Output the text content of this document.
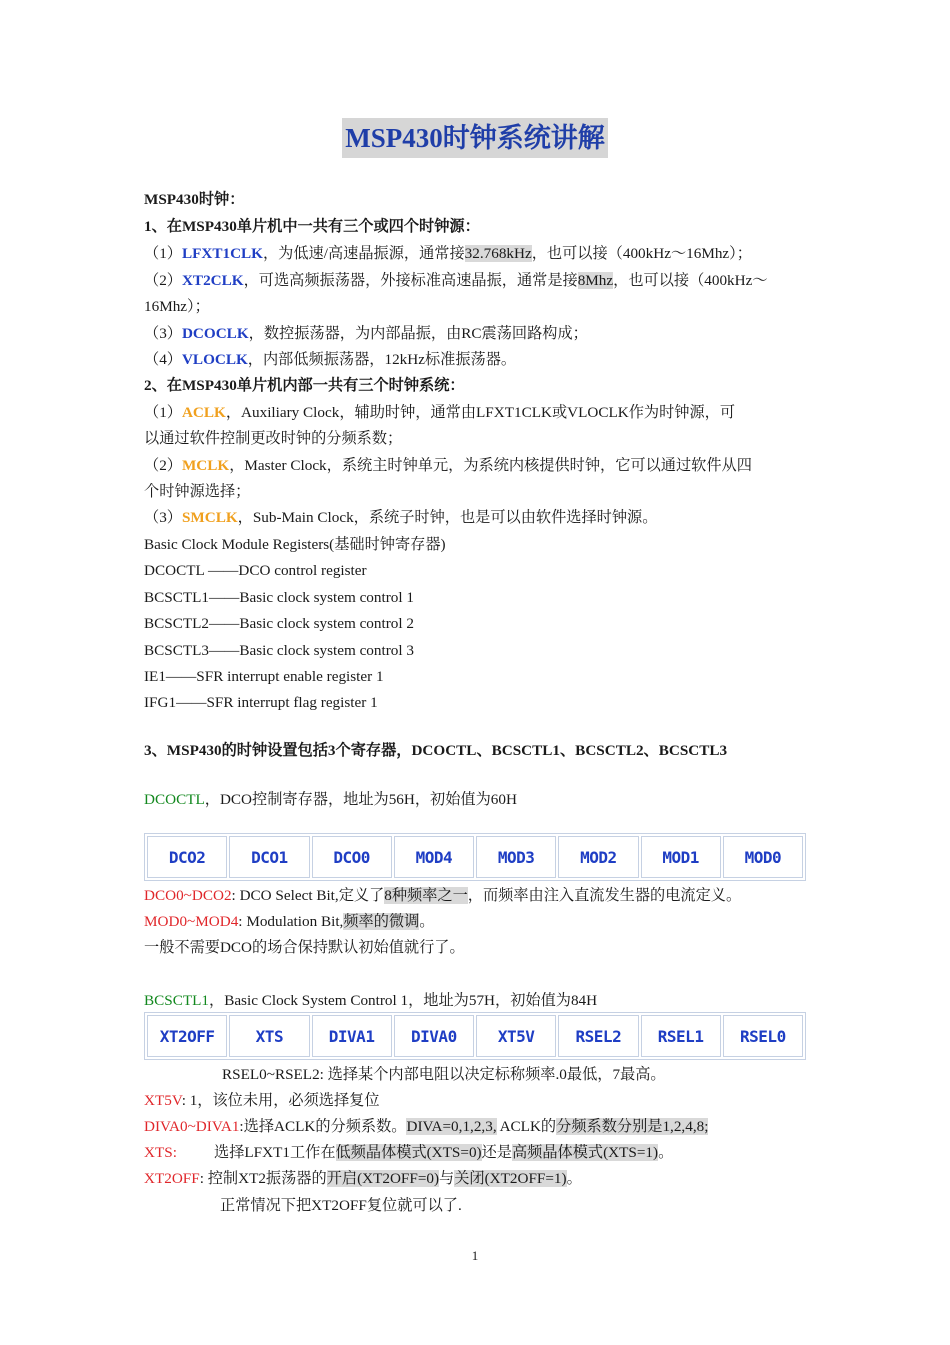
MSP430时钟系统讲解
MSP430时钟：
1、在MSP430单片机中一共有三个或四个时钟源：
（1）LFXT1CLK，为低速/高速晶振源，通常接32.768kHz，也可以接（400kHz～16Mhz）；
（2）XT2CLK，可选高频振荡器，外接标准高速晶振，通常是接8Mhz，也可以接（400kHz～
16Mhz）；
（3）DCOCLK，数控振荡器，为内部晶振，由RC震荡回路构成；
（4）VLOCLK，内部低频振荡器，12kHz标准振荡器。
2、在MSP430单片机内部一共有三个时钟系统：
（1）ACLK，Auxiliary Clock，辅助时钟，通常由LFXT1CLK或VLOCLK作为时钟源，可
以通过软件控制更改时钟的分频系数；
（2）MCLK，Master Clock，系统主时钟单元，为系统内核提供时钟，它可以通过软件从四
个时钟源选择；
（3）SMCLK，Sub-Main Clock，系统子时钟，也是可以由软件选择时钟源。
Basic Clock Module Registers(基础时钟寄存器)
DCOCTL ——DCO control register
BCSCTL1——Basic clock system control 1
BCSCTL2——Basic clock system control 2
BCSCTL3——Basic clock system control 3
IE1——SFR interrupt enable register 1
IFG1——SFR interrupt flag register 1
3、MSP430的时钟设置包括3个寄存器，DCOCTL、BCSCTL1、BCSCTL2、BCSCTL3
DCOCTL，DCO控制寄存器，地址为56H，初始值为60H
DCO2	DCO1	DCO0	MOD4	MOD3	MOD2	MOD1	MOD0
DCO0~DCO2: DCO Select Bit,定义了8种频率之一，而频率由注入直流发生器的电流定义。
MOD0~MOD4: Modulation Bit,频率的微调。
一般不需要DCO的场合保持默认初始值就行了。
BCSCTL1，Basic Clock System Control 1，地址为57H，初始值为84H
XT2OFF	XTS	DIVA1	DIVA0	XT5V	RSEL2	RSEL1	RSEL0
RSEL0~RSEL2: 选择某个内部电阻以决定标称频率.0最低，7最高。
XT5V: 1，该位未用，必须选择复位
DIVA0~DIVA1:选择ACLK的分频系数。DIVA=0,1,2,3, ACLK的分频系数分别是1,2,4,8;
XTS: 选择LFXT1工作在低频晶体模式(XTS=0)还是高频晶体模式(XTS=1)。
XT2OFF: 控制XT2振荡器的开启(XT2OFF=0)与关闭(XT2OFF=1)。
正常情况下把XT2OFF复位就可以了.
1
